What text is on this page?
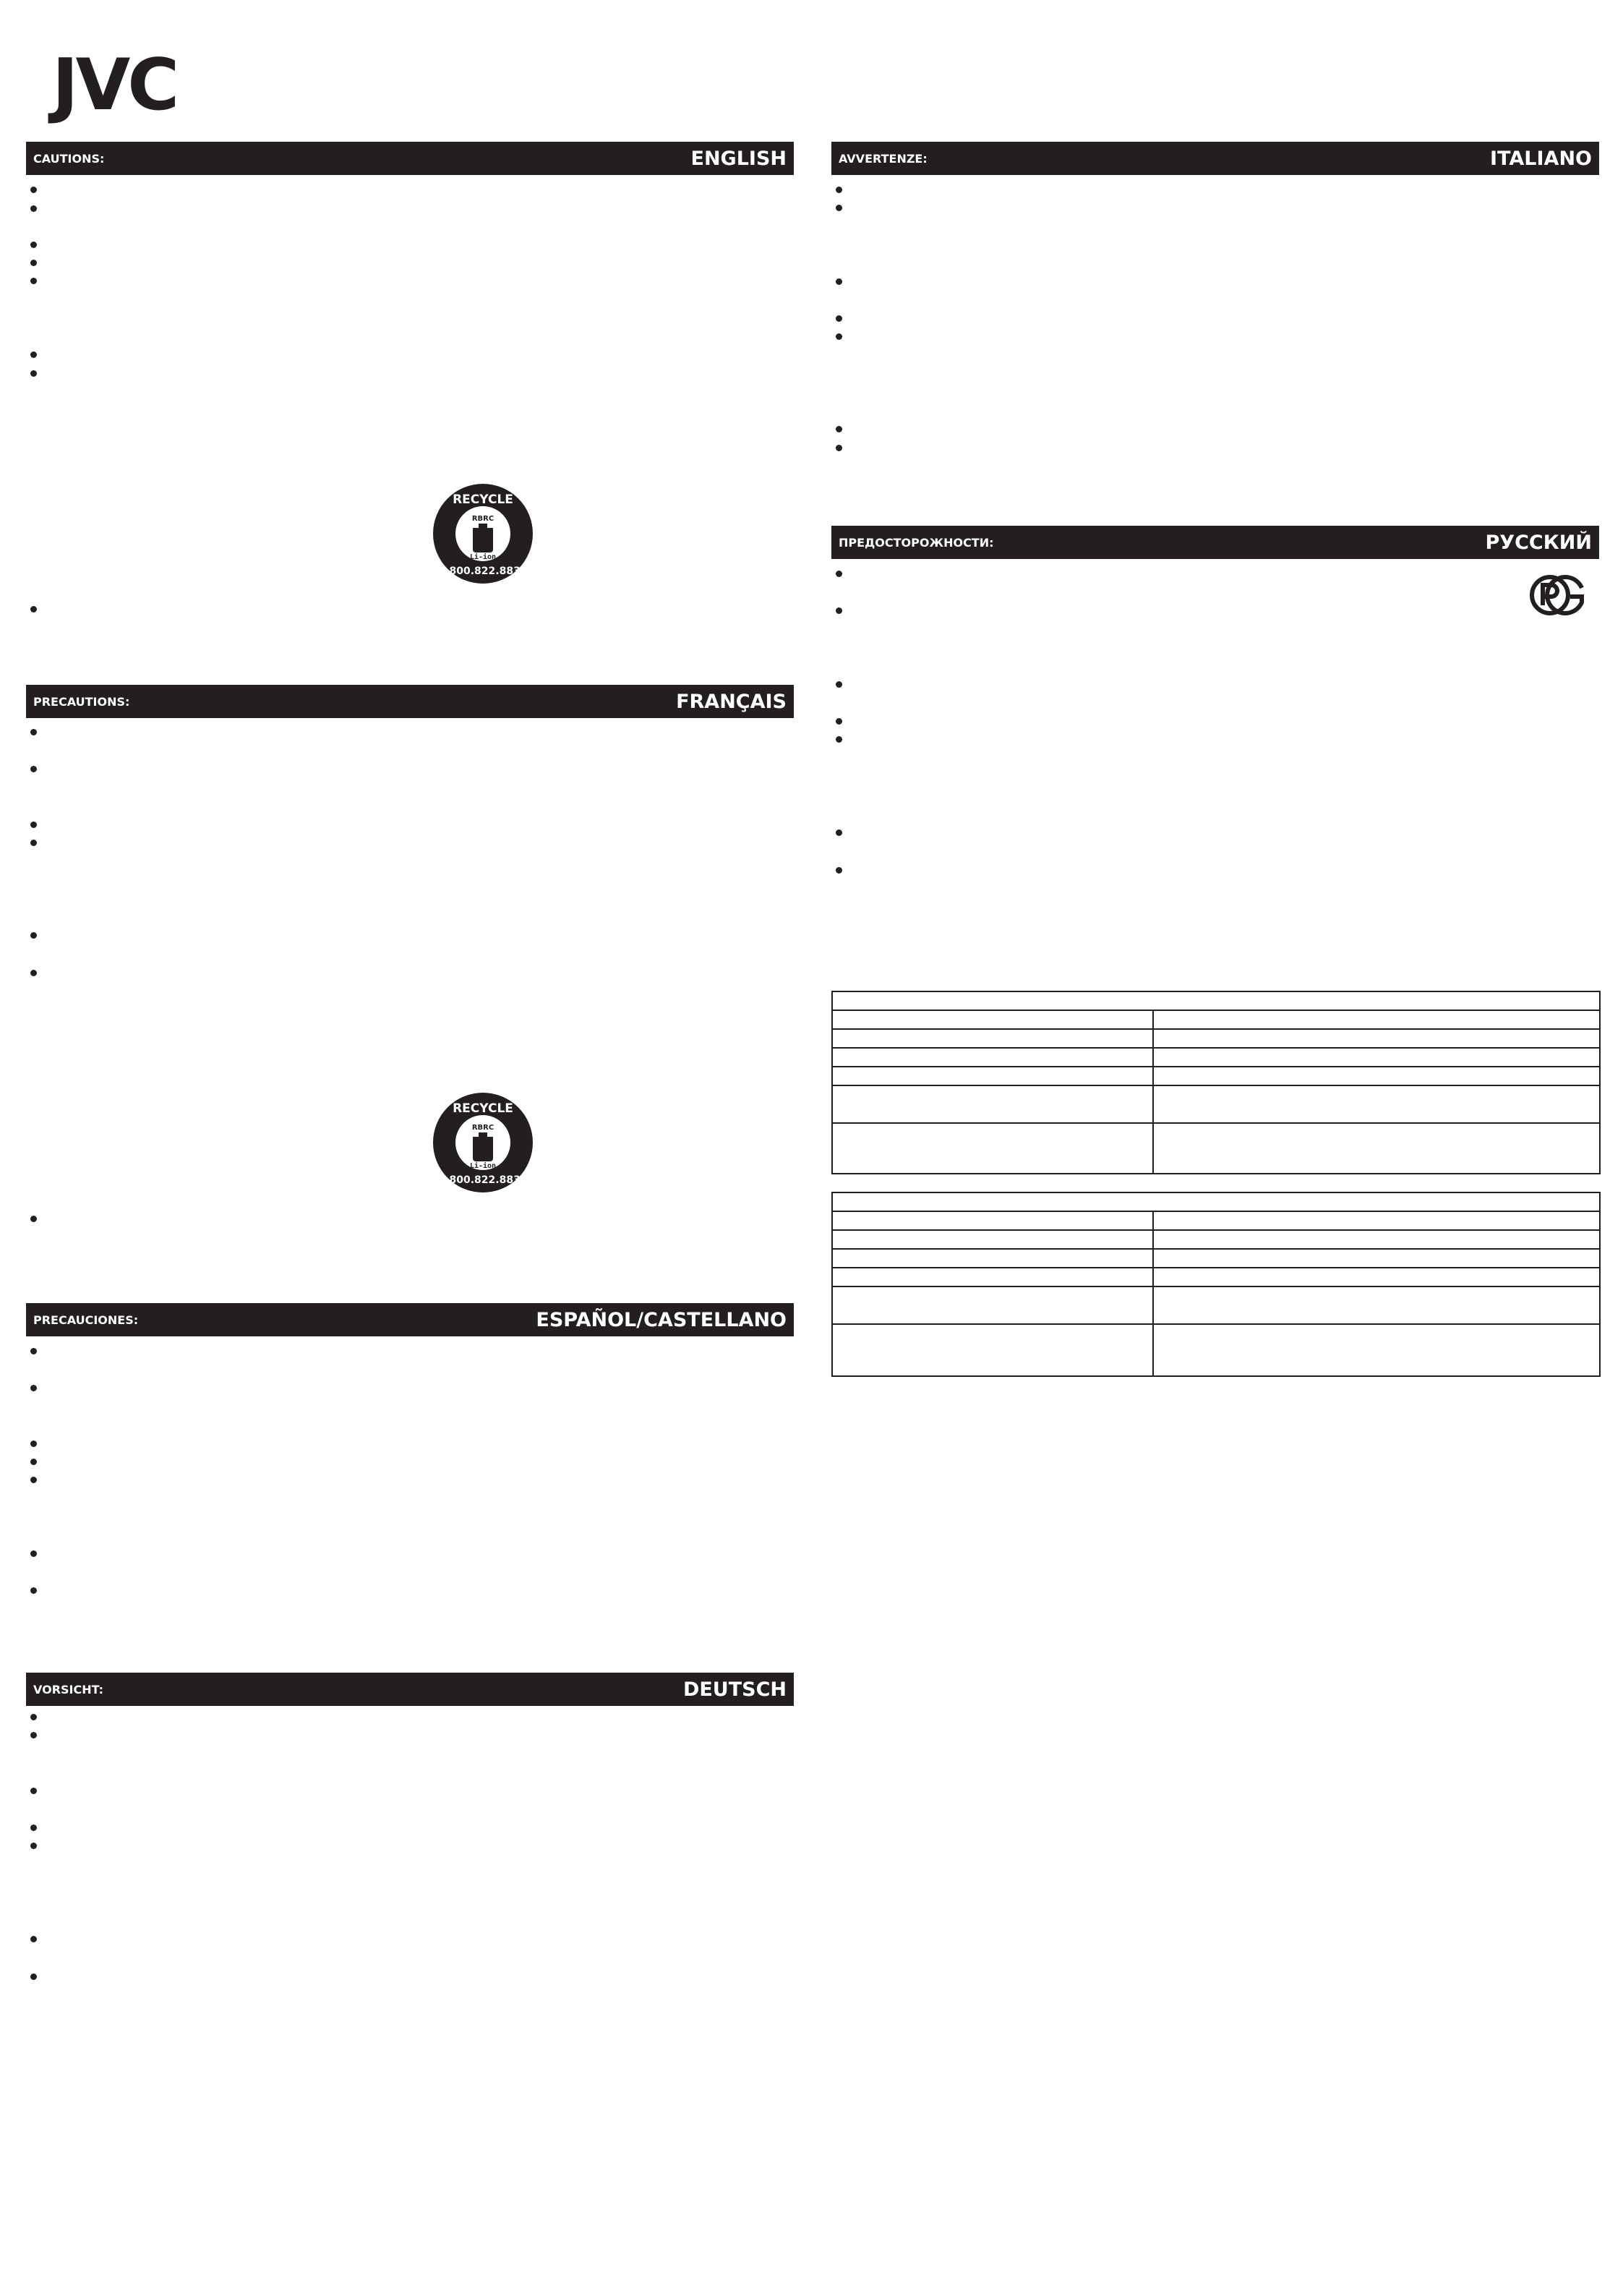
JVC
CAUTIONS:	ENGLISH
RECYCLE
RBRC
Li-ion
1.800.822.8837
PRECAUTIONS:	FRANÇAIS
RECYCLE
RBRC
Li-ion
1.800.822.8837
PRECAUCIONES:	ESPAÑOL/CASTELLANO
VORSICHT:	DEUTSCH
AVVERTENZE:	ITALIANO
ПРЕДОСТОРОЖНОСТИ:	РУССКИЙ
PCT
